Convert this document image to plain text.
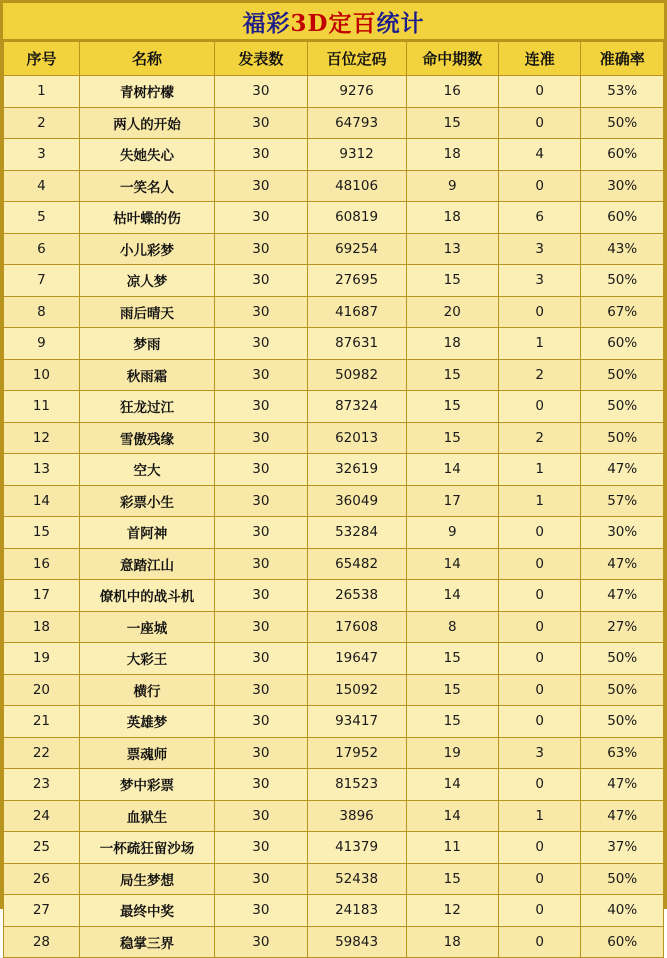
福彩3D定百统计
序号	名称	发表数	百位定码	命中期数	连准	准确率
1	青树柠檬	30	9276	16	0	53%
2	两人的开始	30	64793	15	0	50%
3	失她失心	30	9312	18	4	60%
4	一笑名人	30	48106	9	0	30%
5	枯叶蝶的伤	30	60819	18	6	60%
6	小儿彩梦	30	69254	13	3	43%
7	凉人梦	30	27695	15	3	50%
8	雨后晴天	30	41687	20	0	67%
9	梦雨	30	87631	18	1	60%
10	秋雨霜	30	50982	15	2	50%
11	狂龙过江	30	87324	15	0	50%
12	雪傲残缘	30	62013	15	2	50%
13	空大	30	32619	14	1	47%
14	彩票小生	30	36049	17	1	57%
15	首阿神	30	53284	9	0	30%
16	意踏江山	30	65482	14	0	47%
17	僚机中的战斗机	30	26538	14	0	47%
18	一座城	30	17608	8	0	27%
19	大彩王	30	19647	15	0	50%
20	横行	30	15092	15	0	50%
21	英雄梦	30	93417	15	0	50%
22	票魂师	30	17952	19	3	63%
23	梦中彩票	30	81523	14	0	47%
24	血狱生	30	3896	14	1	47%
25	一杯疏狂留沙场	30	41379	11	0	37%
26	局生梦想	30	52438	15	0	50%
27	最终中奖	30	24183	12	0	40%
28	稳掌三界	30	59843	18	0	60%
